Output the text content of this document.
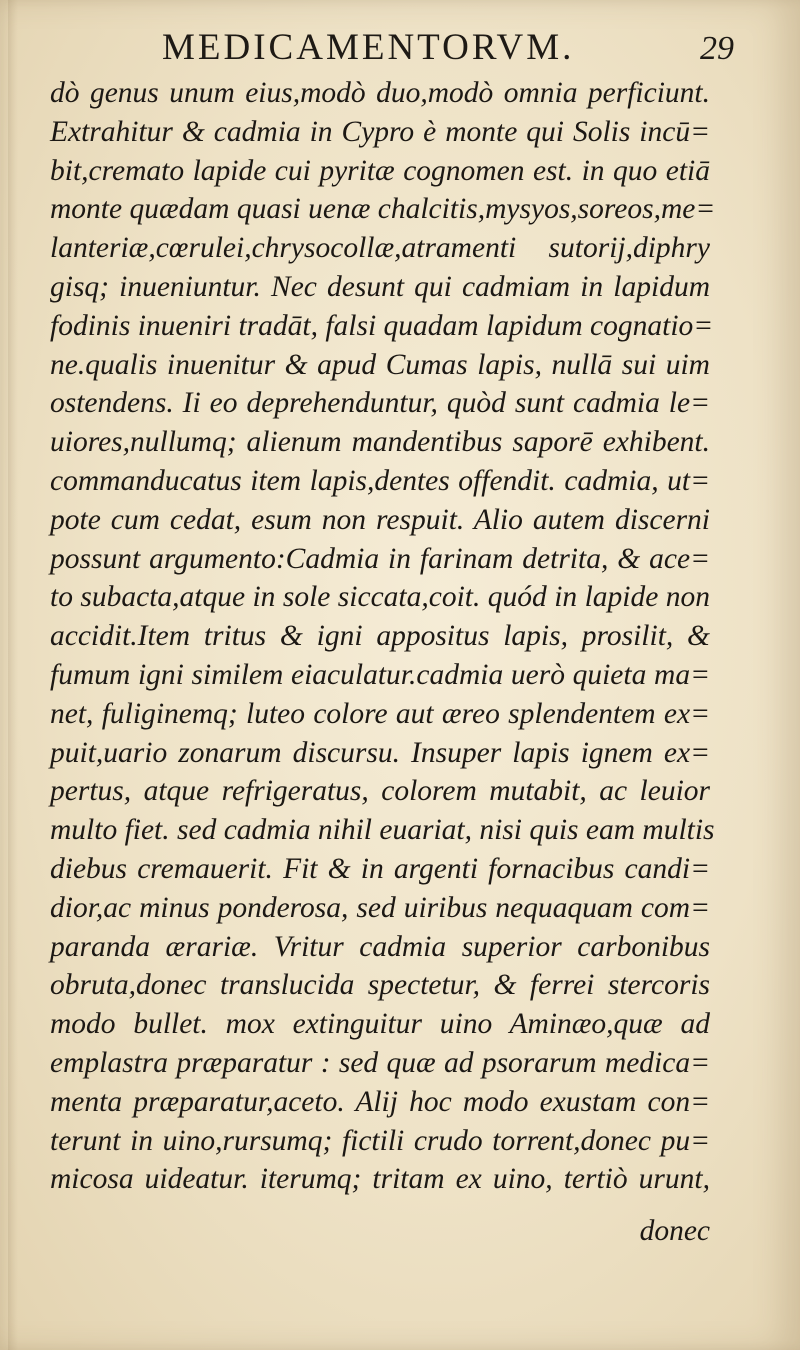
MEDICAMENTORVM.	29
dò genus unum eius,modò duo,modò omnia perficiunt.
Extrahitur & cadmia in Cypro è monte qui Solis incū=
bit,cremato lapide cui pyritæ cognomen est. in quo etiā
monte quædam quasi uenæ chalcitis,mysyos,soreos,me=
lanteriæ,cœrulei,chrysocollæ,atramenti sutorij,diphry
gisq; inueniuntur. Nec desunt qui cadmiam in lapidum
fodinis inueniri tradāt, falsi quadam lapidum cognatio=
ne.qualis inuenitur & apud Cumas lapis, nullā sui uim
ostendens. Ii eo deprehenduntur, quòd sunt cadmia le=
uiores,nullumq; alienum mandentibus saporē exhibent.
commanducatus item lapis,dentes offendit. cadmia, ut=
pote cum cedat, esum non respuit. Alio autem discerni
possunt argumento:Cadmia in farinam detrita, & ace=
to subacta,atque in sole siccata,coit. quód in lapide non
accidit.Item tritus & igni appositus lapis, prosilit, &
fumum igni similem eiaculatur.cadmia uerò quieta ma=
net, fuliginemq; luteo colore aut æreo splendentem ex=
puit,uario zonarum discursu. Insuper lapis ignem ex=
pertus, atque refrigeratus, colorem mutabit, ac leuior
multo fiet. sed cadmia nihil euariat, nisi quis eam multis
diebus cremauerit. Fit & in argenti fornacibus candi=
dior,ac minus ponderosa, sed uiribus nequaquam com=
paranda ærariæ. Vritur cadmia superior carbonibus
obruta,donec translucida spectetur, & ferrei stercoris
modo bullet. mox extinguitur uino Aminæo,quæ ad
emplastra præparatur : sed quæ ad psorarum medica=
menta præparatur,aceto. Alij hoc modo exustam con=
terunt in uino,rursumq; fictili crudo torrent,donec pu=
micosa uideatur. iterumq; tritam ex uino, tertiò urunt,
donec
